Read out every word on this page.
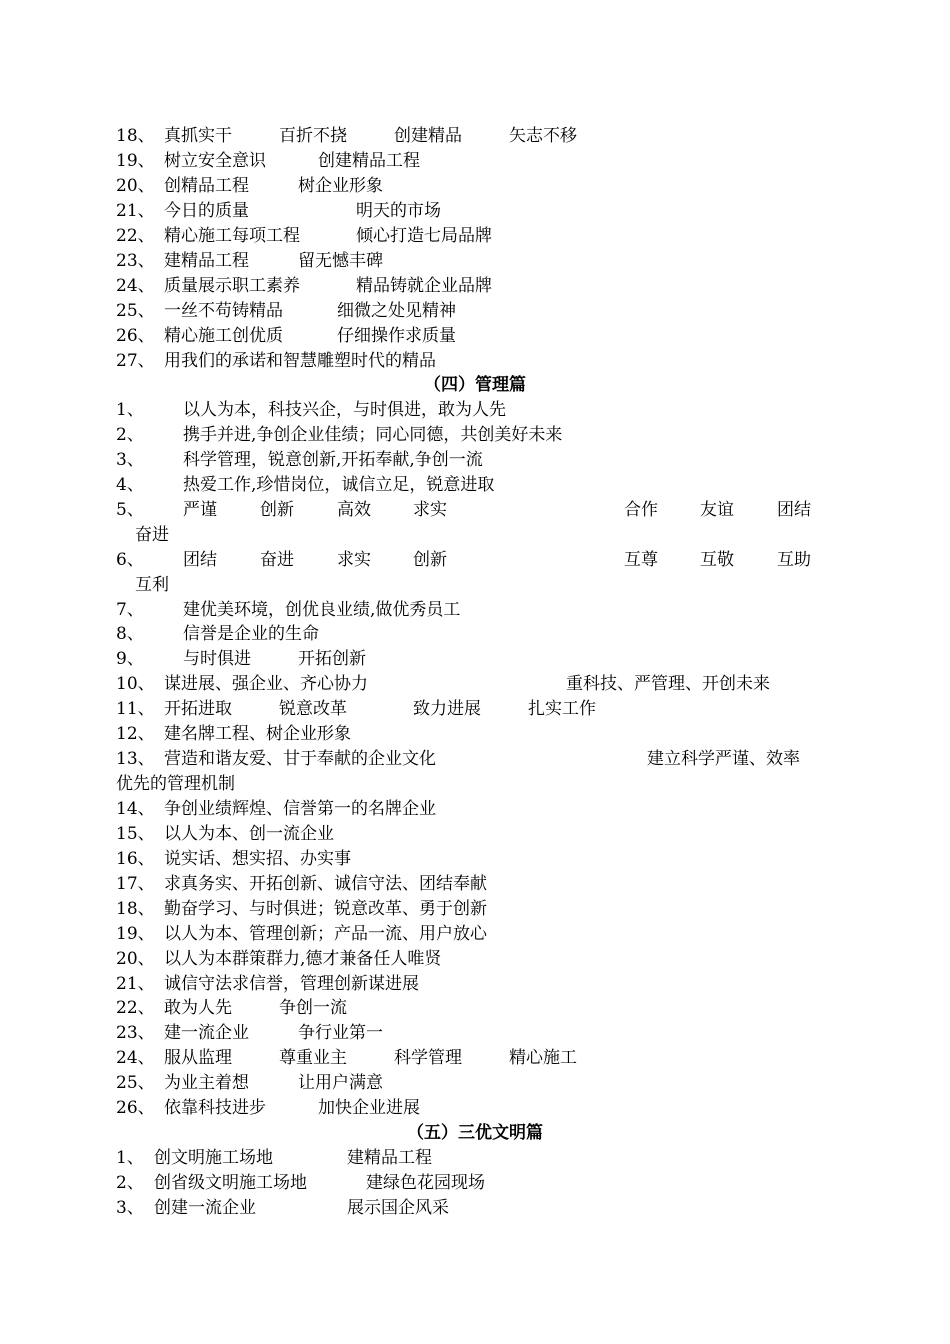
18、 真抓实干	百折不挠	创建精品	矢志不移
19、 树立安全意识	创建精品工程
20、 创精品工程	树企业形象
21、 今日的质量	明天的市场
22、 精心施工每项工程	倾心打造七局品牌
23、 建精品工程	留无憾丰碑
24、 质量展示职工素养	精品铸就企业品牌
25、 一丝不苟铸精品	细微之处见精神
26、 精心施工创优质	仔细操作求质量
27、 用我们的承诺和智慧雕塑时代的精品
（四）管理篇
1、 以人为本，科技兴企，与时俱进，敢为人先
2、 携手并进,争创企业佳绩；同心同德，共创美好未来
3、 科学管理，锐意创新,开拓奉献,争创一流
4、 热爱工作,珍惜岗位，诚信立足，锐意进取
5、 严谨	创新	高效 求实	合作 友谊	团结
奋进
6、 团结	奋进	求实 创新	互尊 互敬	互助
互利
7、 建优美环境，创优良业绩,做优秀员工
8、 信誉是企业的生命
9、 与时俱进	开拓创新
10、 谋进展、强企业、齐心协力	重科技、严管理、开创未来
11、 开拓进取	锐意改革	致力进展	扎实工作
12、 建名牌工程、树企业形象
13、 营造和谐友爱、甘于奉献的企业文化	建立科学严谨、效率
优先的管理机制
14、 争创业绩辉煌、信誉第一的名牌企业
15、 以人为本、创一流企业
16、 说实话、想实招、办实事
17、 求真务实、开拓创新、诚信守法、团结奉献
18、 勤奋学习、与时俱进；锐意改革、勇于创新
19、 以人为本、管理创新；产品一流、用户放心
20、 以人为本群策群力,德才兼备任人唯贤
21、 诚信守法求信誉，管理创新谋进展
22、 敢为人先	争创一流
23、 建一流企业	争行业第一
24、 服从监理	尊重业主	科学管理	精心施工
25、 为业主着想	让用户满意
26、 依靠科技进步	加快企业进展
（五）三优文明篇
1、 创文明施工场地	建精品工程
2、 创省级文明施工场地	建绿色花园现场
3、 创建一流企业	展示国企风采
